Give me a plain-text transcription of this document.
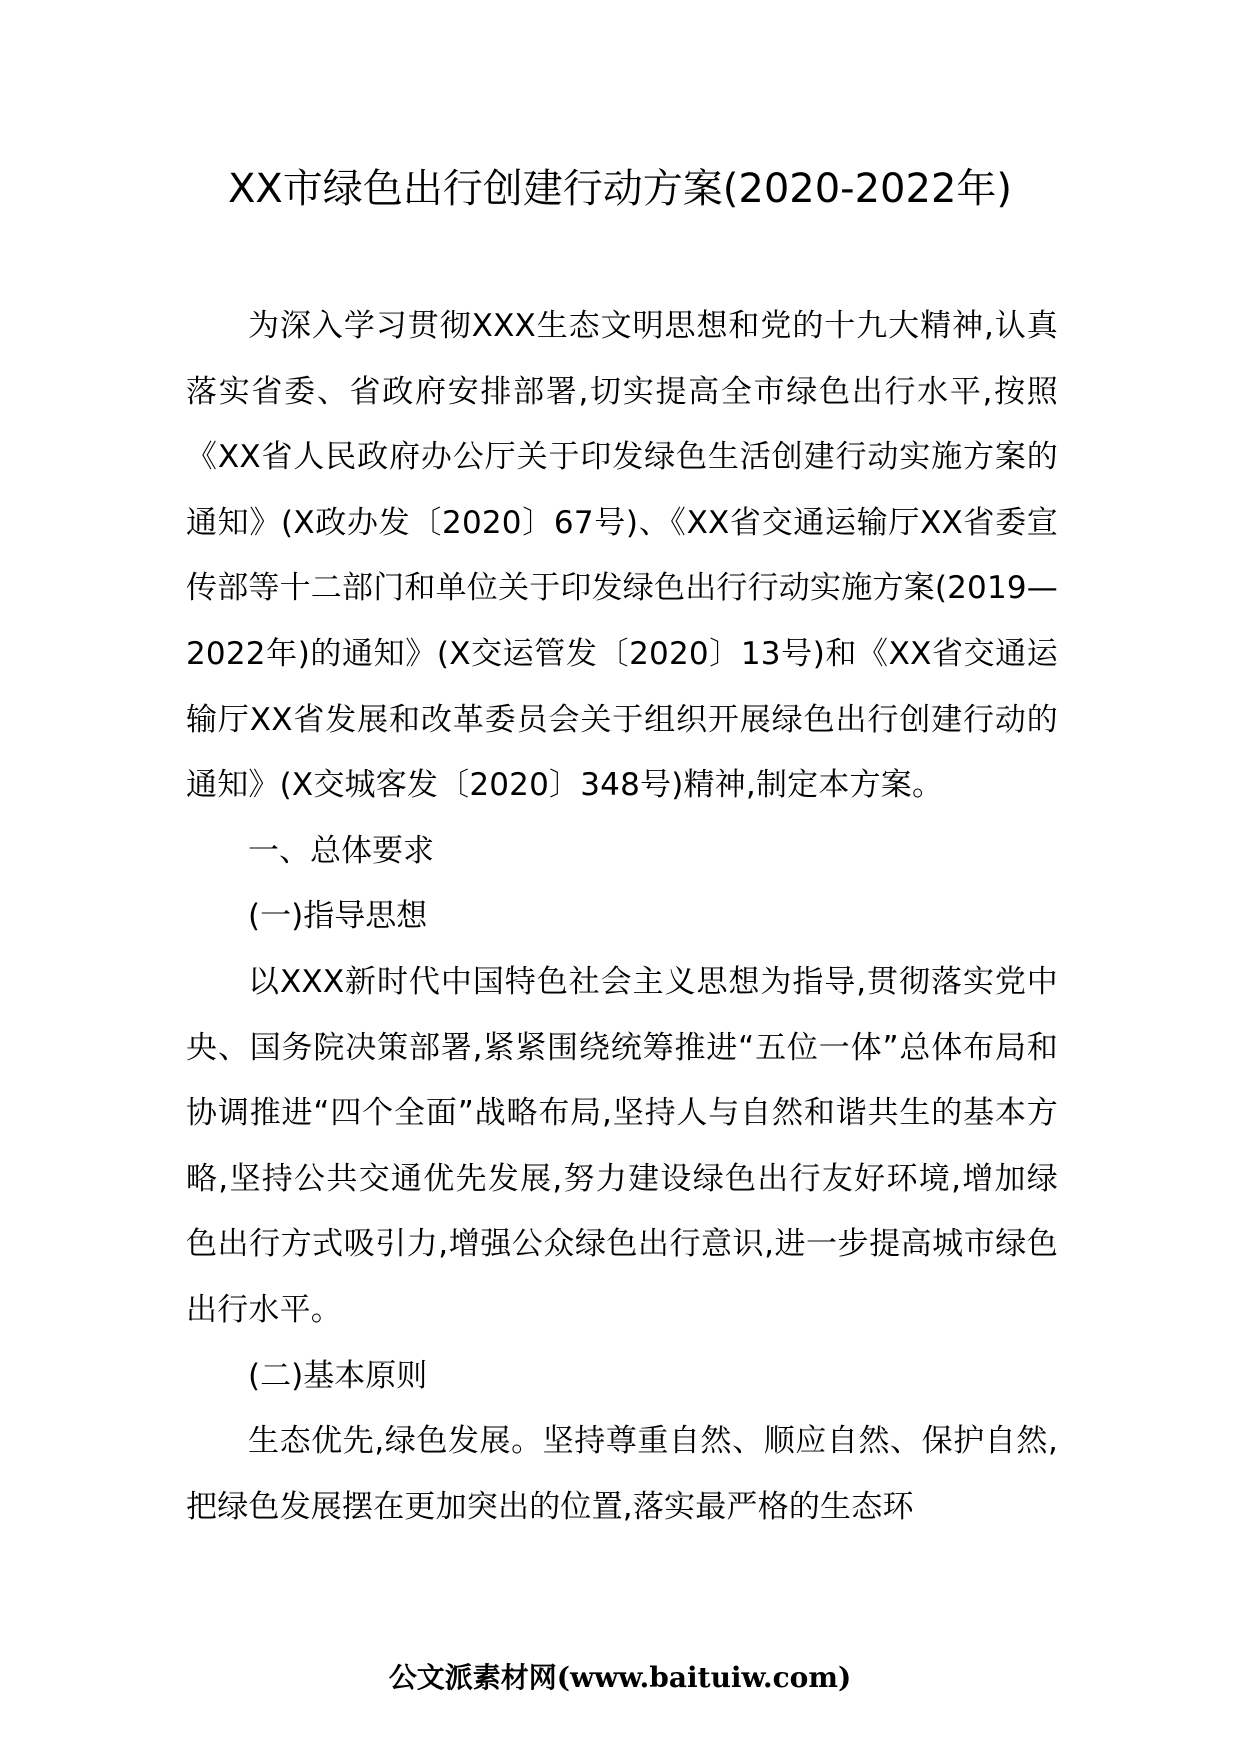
XX市绿色出行创建行动方案(2020-2022年)

为深入学习贯彻XXX生态文明思想和党的十九大精神,认真落实省委、省政府安排部署,切实提高全市绿色出行水平,按照《XX省人民政府办公厅关于印发绿色生活创建行动实施方案的通知》(X政办发〔2020〕67号)、《XX省交通运输厅XX省委宣传部等十二部门和单位关于印发绿色出行行动实施方案(2019—2022年)的通知》(X交运管发〔2020〕13号)和《XX省交通运输厅XX省发展和改革委员会关于组织开展绿色出行创建行动的通知》(X交城客发〔2020〕348号)精神,制定本方案。

一、总体要求

(一)指导思想

以XXX新时代中国特色社会主义思想为指导,贯彻落实党中央、国务院决策部署,紧紧围绕统筹推进“五位一体”总体布局和协调推进“四个全面”战略布局,坚持人与自然和谐共生的基本方略,坚持公共交通优先发展,努力建设绿色出行友好环境,增加绿色出行方式吸引力,增强公众绿色出行意识,进一步提高城市绿色出行水平。

(二)基本原则

生态优先,绿色发展。坚持尊重自然、顺应自然、保护自然,把绿色发展摆在更加突出的位置,落实最严格的生态环

公文派素材网(www.baituiw.com)
